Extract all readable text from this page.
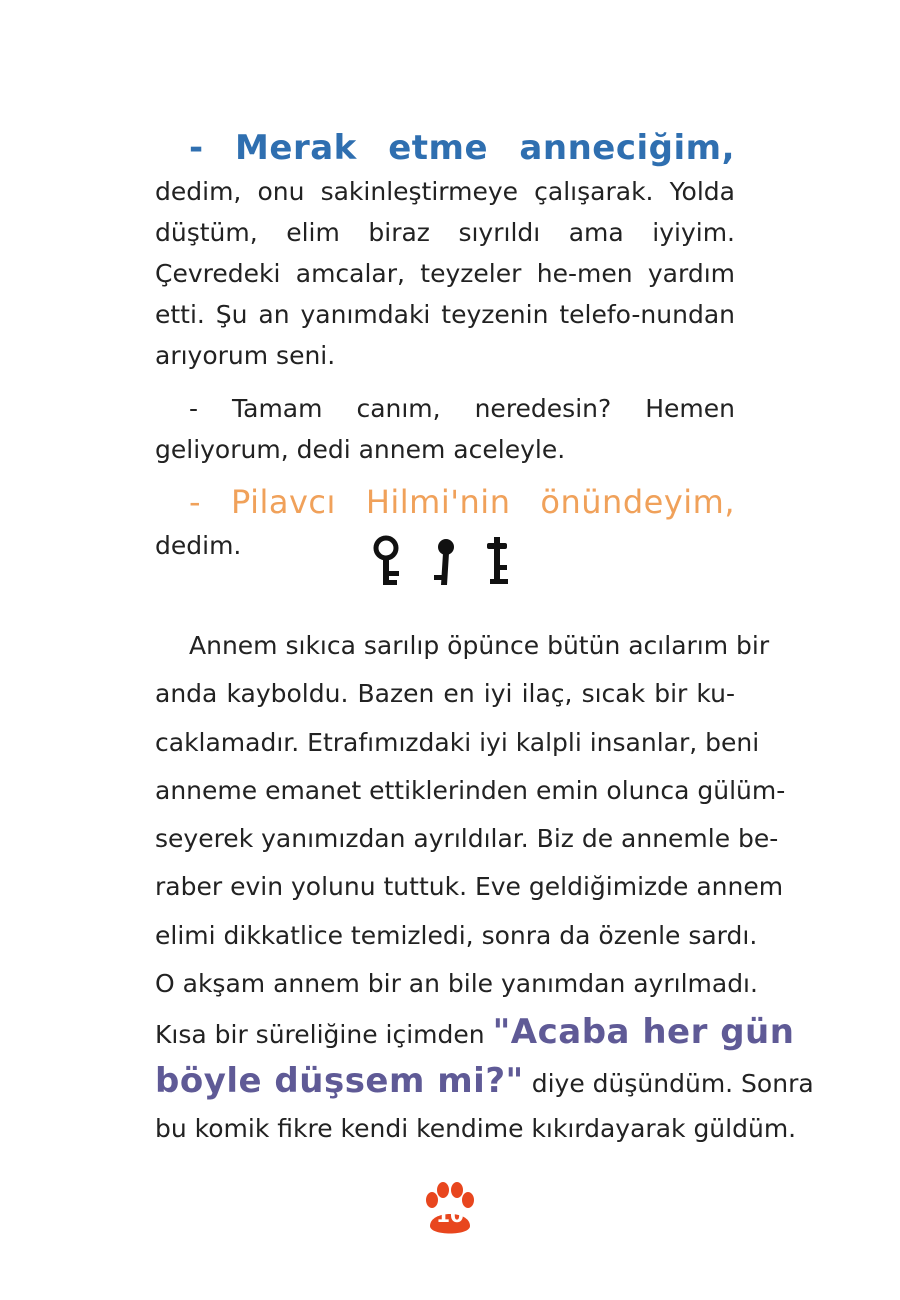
- Merak etme anneciğim, dedim, onu sakinleştirmeye çalışarak. Yolda düştüm, elim biraz sıyrıldı ama iyiyim. Çevredeki amcalar, teyzeler he-men yardım etti. Şu an yanımdaki teyzenin telefo-nundan arıyorum seni.

- Tamam canım, neredesin? Hemen geliyorum, dedi annem aceleyle.

- Pilavcı Hilmi'nin önündeyim, dedim.

Annem sıkıca sarılıp öpünce bütün acılarım bir
anda kayboldu. Bazen en iyi ilaç, sıcak bir ku-
caklamadır. Etrafımızdaki iyi kalpli insanlar, beni
anneme emanet ettiklerinden emin olunca gülüm-
seyerek yanımızdan ayrıldılar. Biz de annemle be-
raber evin yolunu tuttuk. Eve geldiğimizde annem
elimi dikkatlice temizledi, sonra da özenle sardı.
O akşam annem bir an bile yanımdan ayrılmadı.
Kısa bir süreliğine içimden "Acaba her gün
böyle düşsem mi?" diye düşündüm. Sonra
bu komik fikre kendi kendime kıkırdayarak güldüm.
10
